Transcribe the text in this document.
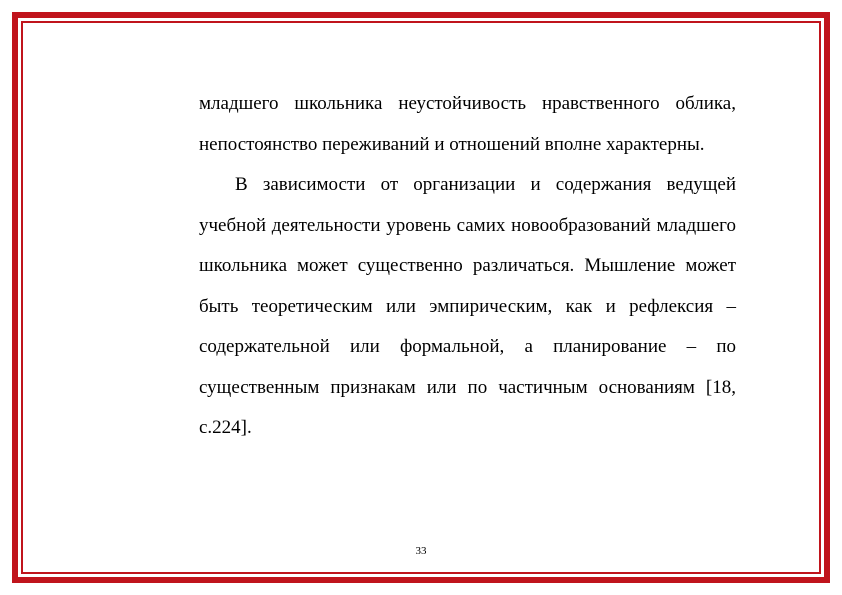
младшего школьника неустойчивость нравственного облика, непостоянство переживаний и отношений вполне характерны.

В зависимости от организации и содержания ведущей учебной деятельности уровень самих новообразований младшего школьника может существенно различаться. Мышление может быть теоретическим или эмпирическим, как и рефлексия – содержательной или формальной, а планирование – по существенным признакам или по частичным основаниям [18, с.224].

33
